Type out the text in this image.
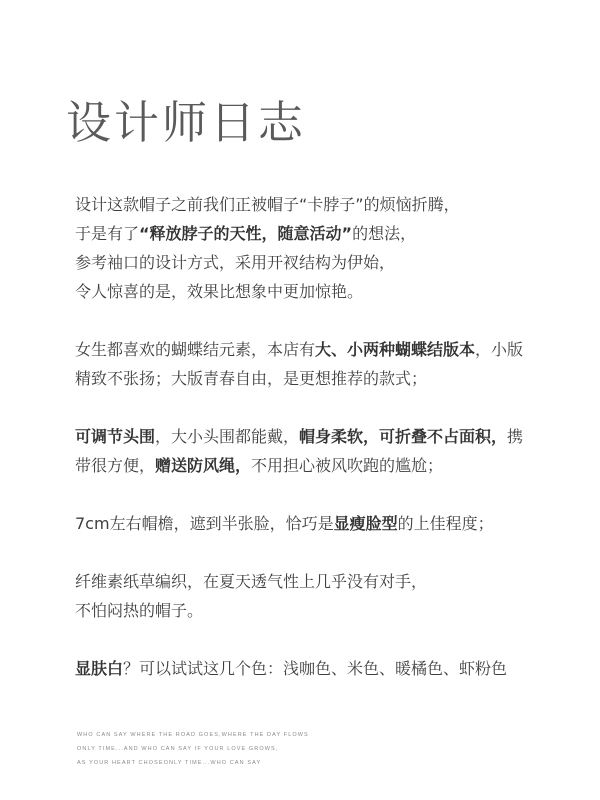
设计师日志
设计这款帽子之前我们正被帽子“卡脖子”的烦恼折腾，
于是有了“释放脖子的天性，随意活动”的想法，
参考袖口的设计方式，采用开衩结构为伊始，
令人惊喜的是，效果比想象中更加惊艳。
女生都喜欢的蝴蝶结元素，本店有大、小两种蝴蝶结版本，小版
精致不张扬；大版青春自由，是更想推荐的款式；
可调节头围，大小头围都能戴，帽身柔软，可折叠不占面积，携
带很方便，赠送防风绳，不用担心被风吹跑的尴尬；
7cm左右帽檐，遮到半张脸，恰巧是显瘦脸型的上佳程度；
纤维素纸草编织，在夏天透气性上几乎没有对手，
不怕闷热的帽子。
显肤白？可以试试这几个色：浅咖色、米色、暖橘色、虾粉色
WHO CAN SAY WHERE THE ROAD GOES,WHERE THE DAY FLOWS
ONLY TIME...AND WHO CAN SAY IF YOUR LOVE GROWS,
AS YOUR HEART CHOSEONLY TIME...WHO CAN SAY
